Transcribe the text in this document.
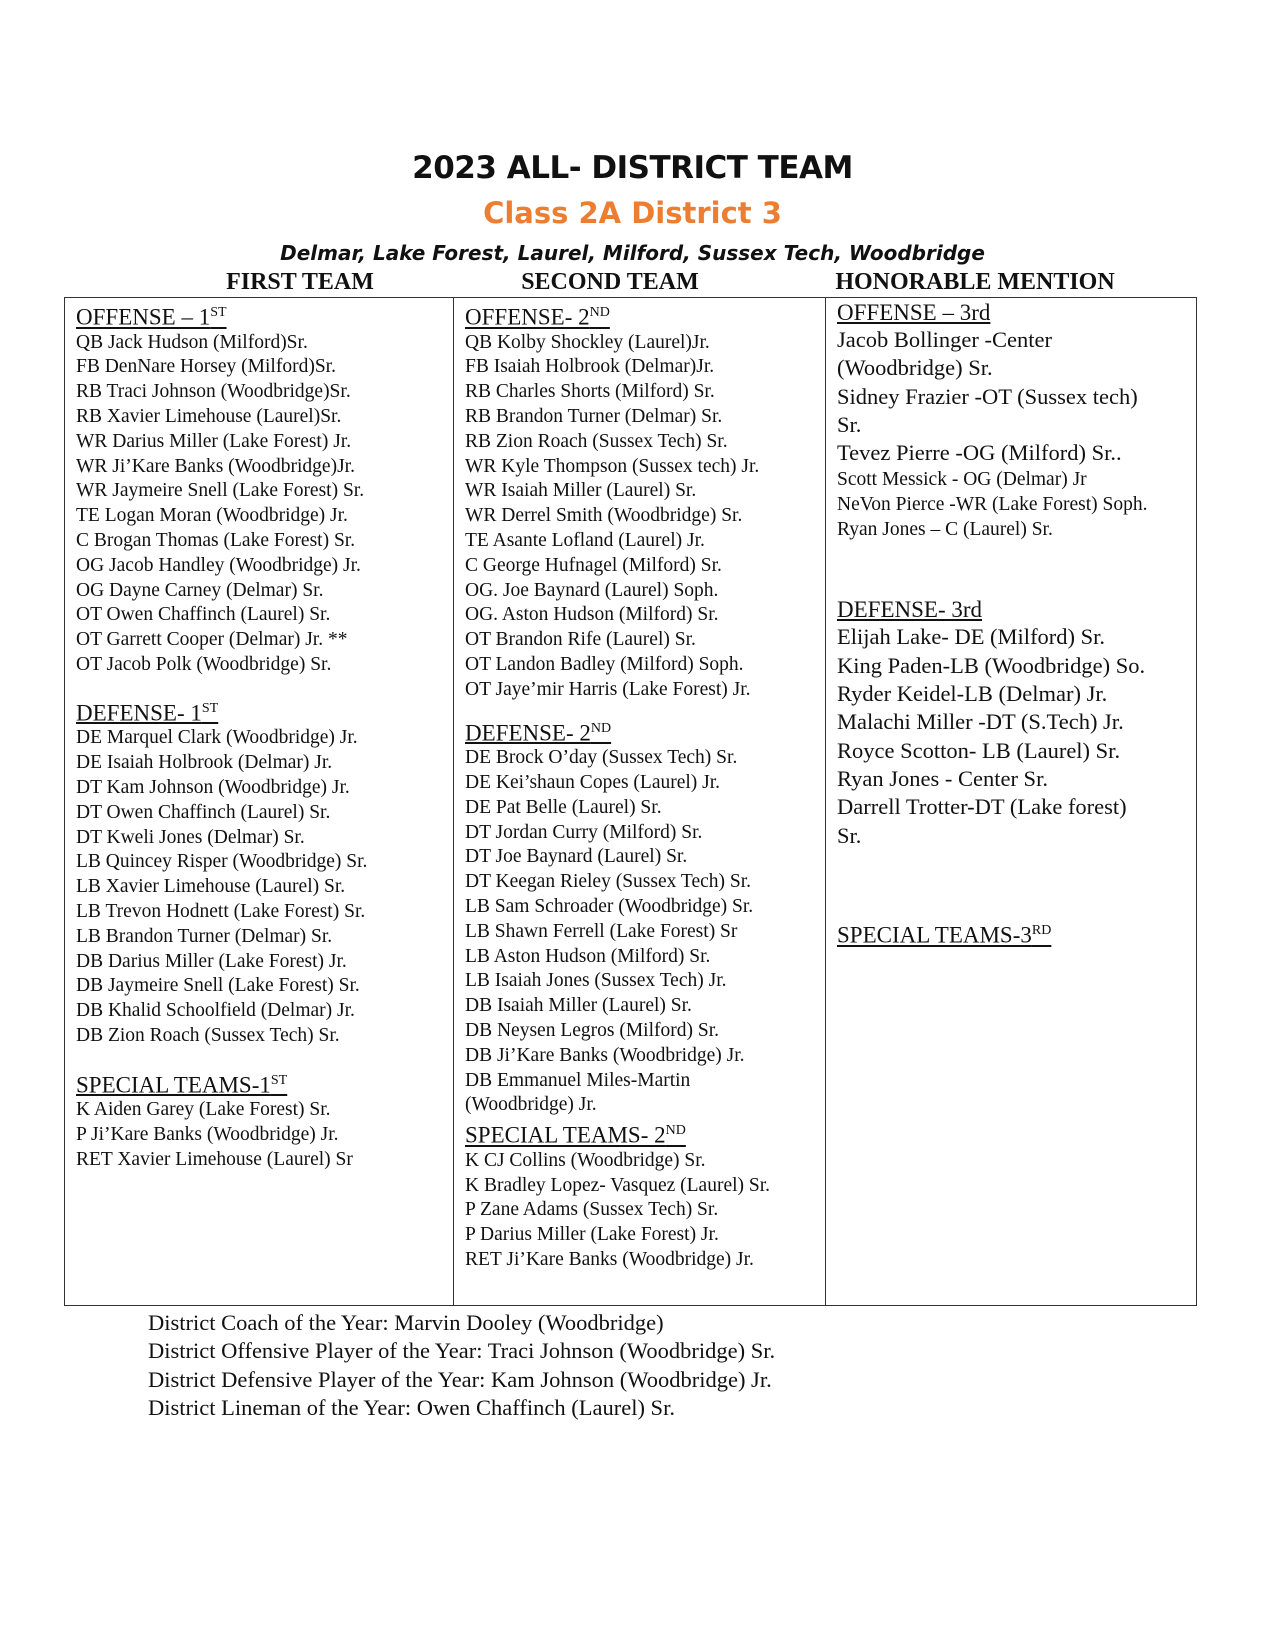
2023 ALL- DISTRICT TEAM
Class 2A District 3
Delmar, Lake Forest, Laurel, Milford, Sussex Tech, Woodbridge
FIRST TEAM	SECOND TEAM	HONORABLE MENTION
OFFENSE – 1ST
QB Jack Hudson (Milford)Sr.
FB DenNare Horsey (Milford)Sr.
RB Traci Johnson (Woodbridge)Sr.
RB Xavier Limehouse (Laurel)Sr.
WR Darius Miller (Lake Forest) Jr.
WR Ji’Kare Banks (Woodbridge)Jr.
WR Jaymeire Snell (Lake Forest) Sr.
TE Logan Moran (Woodbridge) Jr.
C Brogan Thomas (Lake Forest) Sr.
OG Jacob Handley (Woodbridge) Jr.
OG Dayne Carney (Delmar) Sr.
OT Owen Chaffinch (Laurel) Sr.
OT Garrett Cooper (Delmar) Jr. **
OT Jacob Polk (Woodbridge) Sr.
DEFENSE- 1ST
DE Marquel Clark (Woodbridge) Jr.
DE Isaiah Holbrook (Delmar) Jr.
DT Kam Johnson (Woodbridge) Jr.
DT Owen Chaffinch (Laurel) Sr.
DT Kweli Jones (Delmar) Sr.
LB Quincey Risper (Woodbridge) Sr.
LB Xavier Limehouse (Laurel) Sr.
LB Trevon Hodnett (Lake Forest) Sr.
LB Brandon Turner (Delmar) Sr.
DB Darius Miller (Lake Forest) Jr.
DB Jaymeire Snell (Lake Forest) Sr.
DB Khalid Schoolfield (Delmar) Jr.
DB Zion Roach (Sussex Tech) Sr.
SPECIAL TEAMS-1ST
K Aiden Garey (Lake Forest) Sr.
P Ji’Kare Banks (Woodbridge) Jr.
RET Xavier Limehouse (Laurel) Sr
OFFENSE- 2ND
QB Kolby Shockley (Laurel)Jr.
FB Isaiah Holbrook (Delmar)Jr.
RB Charles Shorts (Milford) Sr.
RB Brandon Turner (Delmar) Sr.
RB Zion Roach (Sussex Tech) Sr.
WR Kyle Thompson (Sussex tech) Jr.
WR Isaiah Miller (Laurel) Sr.
WR Derrel Smith (Woodbridge) Sr.
TE Asante Lofland (Laurel) Jr.
C George Hufnagel (Milford) Sr.
OG. Joe Baynard (Laurel) Soph.
OG. Aston Hudson (Milford) Sr.
OT Brandon Rife (Laurel) Sr.
OT Landon Badley (Milford) Soph.
OT Jaye’mir Harris (Lake Forest) Jr.
DEFENSE- 2ND
DE Brock O’day (Sussex Tech) Sr.
DE Kei’shaun Copes (Laurel) Jr.
DE Pat Belle (Laurel) Sr.
DT Jordan Curry (Milford) Sr.
DT Joe Baynard (Laurel) Sr.
DT Keegan Rieley (Sussex Tech) Sr.
LB Sam Schroader (Woodbridge) Sr.
LB Shawn Ferrell (Lake Forest) Sr
LB Aston Hudson (Milford) Sr.
LB Isaiah Jones (Sussex Tech) Jr.
DB Isaiah Miller (Laurel) Sr.
DB Neysen Legros (Milford) Sr.
DB Ji’Kare Banks (Woodbridge) Jr.
DB Emmanuel Miles-Martin
(Woodbridge) Jr.
SPECIAL TEAMS- 2ND
K CJ Collins (Woodbridge) Sr.
K Bradley Lopez- Vasquez (Laurel) Sr.
P Zane Adams (Sussex Tech) Sr.
P Darius Miller (Lake Forest) Jr.
RET Ji’Kare Banks (Woodbridge) Jr.
OFFENSE – 3rd
Jacob Bollinger -Center
(Woodbridge) Sr.
Sidney Frazier -OT (Sussex tech)
Sr.
Tevez Pierre -OG (Milford) Sr..
Scott Messick - OG (Delmar) Jr
NeVon Pierce -WR (Lake Forest) Soph.
Ryan Jones – C (Laurel) Sr.
DEFENSE- 3rd
Elijah Lake- DE (Milford) Sr.
King Paden-LB (Woodbridge) So.
Ryder Keidel-LB (Delmar) Jr.
Malachi Miller -DT (S.Tech) Jr.
Royce Scotton- LB (Laurel) Sr.
Ryan Jones - Center Sr.
Darrell Trotter-DT (Lake forest)
Sr.
SPECIAL TEAMS-3RD
District Coach of the Year: Marvin Dooley (Woodbridge)
District Offensive Player of the Year: Traci Johnson (Woodbridge) Sr.
District Defensive Player of the Year: Kam Johnson (Woodbridge) Jr.
District Lineman of the Year: Owen Chaffinch (Laurel) Sr.
